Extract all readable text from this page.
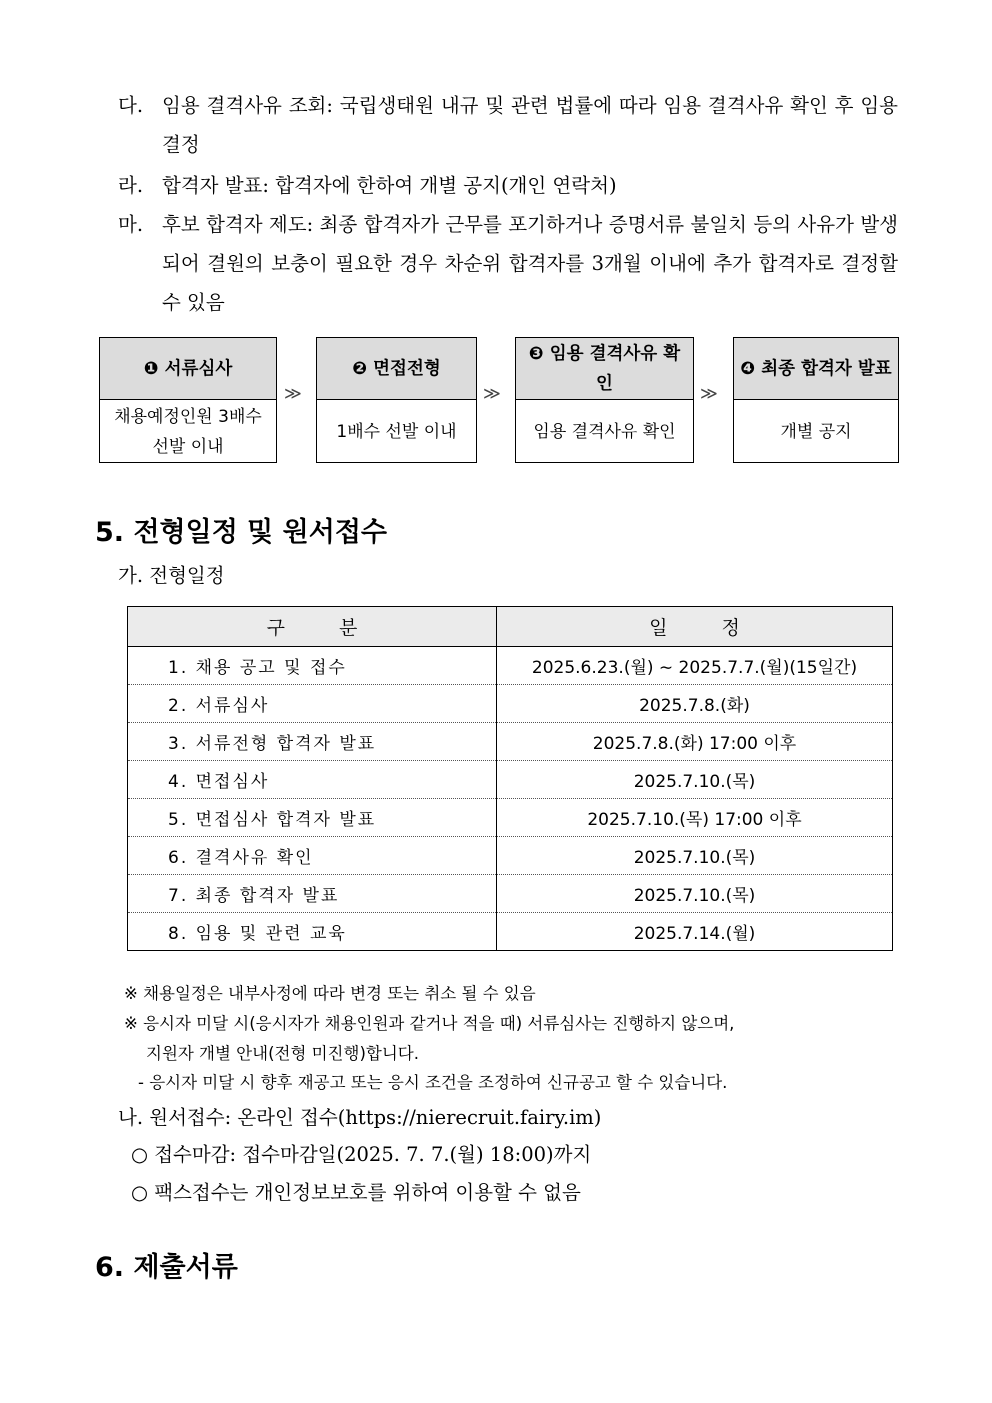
다. 임용 결격사유 조회: 국립생태원 내규 및 관련 법률에 따라 임용 결격사유 확인 후 임용 결정
라. 합격자 발표: 합격자에 한하여 개별 공지(개인 연락처)
마. 후보 합격자 제도: 최종 합격자가 근무를 포기하거나 증명서류 불일치 등의 사유가 발생되어 결원의 보충이 필요한 경우 차순위 합격자를 3개월 이내에 추가 합격자로 결정할 수 있음
❶ 서류심사
채용예정인원 3배수 선발 이내
≫
❷ 면접전형
1배수 선발 이내
≫
❸ 임용 결격사유 확인
임용 결격사유 확인
≫
❹ 최종 합격자 발표
개별 공지
5. 전형일정 및 원서접수
가. 전형일정
구 분	일 정
1. 채용 공고 및 접수	2025.6.23.(월) ∼ 2025.7.7.(월)(15일간)
2. 서류심사	2025.7.8.(화)
3. 서류전형 합격자 발표	2025.7.8.(화) 17:00 이후
4. 면접심사	2025.7.10.(목)
5. 면접심사 합격자 발표	2025.7.10.(목) 17:00 이후
6. 결격사유 확인	2025.7.10.(목)
7. 최종 합격자 발표	2025.7.10.(목)
8. 임용 및 관련 교육	2025.7.14.(월)
※ 채용일정은 내부사정에 따라 변경 또는 취소 될 수 있음
※ 응시자 미달 시(응시자가 채용인원과 같거나 적을 때) 서류심사는 진행하지 않으며,
지원자 개별 안내(전형 미진행)합니다.
- 응시자 미달 시 향후 재공고 또는 응시 조건을 조정하여 신규공고 할 수 있습니다.
나. 원서접수: 온라인 접수(https://nierecruit.fairy.im)
○ 접수마감: 접수마감일(2025. 7. 7.(월) 18:00)까지
○ 팩스접수는 개인정보보호를 위하여 이용할 수 없음
6. 제출서류
